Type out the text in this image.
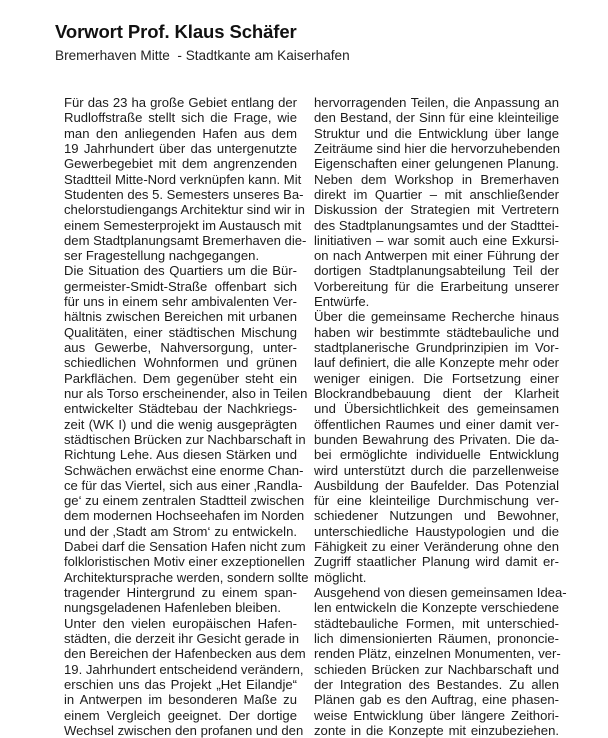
Vorwort Prof. Klaus Schäfer
Bremerhaven Mitte  - Stadtkante am Kaiserhafen
Für das 23 ha große Gebiet entlang der
Rudloffstraße stellt sich die Frage, wie
man den anliegenden Hafen aus dem
19 Jahrhundert über das untergenutzte
Gewerbegebiet mit dem angrenzenden
Stadtteil Mitte-Nord verknüpfen kann. Mit
Studenten des 5. Semesters unseres Ba-
chelorstudiengangs Architektur sind wir in
einem Semesterprojekt im Austausch mit
dem Stadtplanungsamt Bremerhaven die-
ser Fragestellung nachgegangen.
Die Situation des Quartiers um die Bür-
germeister-Smidt-Straße offenbart sich
für uns in einem sehr ambivalenten Ver-
hältnis zwischen Bereichen mit urbanen
Qualitäten, einer städtischen Mischung
aus Gewerbe, Nahversorgung, unter-
schiedlichen Wohnformen und grünen
Parkflächen. Dem gegenüber steht ein
nur als Torso erscheinender, also in Teilen
entwickelter Städtebau der Nachkriegs-
zeit (WK I) und die wenig ausgeprägten
städtischen Brücken zur Nachbarschaft in
Richtung Lehe. Aus diesen Stärken und
Schwächen erwächst eine enorme Chan-
ce für das Viertel, sich aus einer ‚Randla-
ge‘ zu einem zentralen Stadtteil zwischen
dem modernen Hochseehafen im Norden
und der ‚Stadt am Strom‘ zu entwickeln.
Dabei darf die Sensation Hafen nicht zum
folkloristischen Motiv einer exzeptionellen
Architektursprache werden, sondern sollte
tragender Hintergrund zu einem span-
nungsgeladenen Hafenleben bleiben.
Unter den vielen europäischen Hafen-
städten, die derzeit ihr Gesicht gerade in
den Bereichen der Hafenbecken aus dem
19. Jahrhundert entscheidend verändern,
erschien uns das Projekt „Het Eilandje“
in Antwerpen im besonderen Maße zu
einem Vergleich geeignet. Der dortige
Wechsel zwischen den profanen und den
hervorragenden Teilen, die Anpassung an
den Bestand, der Sinn für eine kleinteilige
Struktur und die Entwicklung über lange
Zeiträume sind hier die hervorzuhebenden
Eigenschaften einer gelungenen Planung.
Neben dem Workshop in Bremerhaven
direkt im Quartier – mit anschließender
Diskussion der Strategien mit Vertretern
des Stadtplanungsamtes und der Stadttei-
linitiativen – war somit auch eine Exkursi-
on nach Antwerpen mit einer Führung der
dortigen Stadtplanungsabteilung Teil der
Vorbereitung für die Erarbeitung unserer
Entwürfe.
Über die gemeinsame Recherche hinaus
haben wir bestimmte städtebauliche und
stadtplanerische Grundprinzipien im Vor-
lauf definiert, die alle Konzepte mehr oder
weniger einigen. Die Fortsetzung einer
Blockrandbebauung dient der Klarheit
und Übersichtlichkeit des gemeinsamen
öffentlichen Raumes und einer damit ver-
bunden Bewahrung des Privaten. Die da-
bei ermöglichte individuelle Entwicklung
wird unterstützt durch die parzellenweise
Ausbildung der Baufelder. Das Potenzial
für eine kleinteilige Durchmischung ver-
schiedener Nutzungen und Bewohner,
unterschiedliche Haustypologien und die
Fähigkeit zu einer Veränderung ohne den
Zugriff staatlicher Planung wird damit er-
möglicht.
Ausgehend von diesen gemeinsamen Idea-
len entwickeln die Konzepte verschiedene
städtebauliche Formen, mit unterschied-
lich dimensionierten Räumen, prononcie-
renden Plätz, einzelnen Monumenten, ver-
schieden Brücken zur Nachbarschaft und
der Integration des Bestandes. Zu allen
Plänen gab es den Auftrag, eine phasen-
weise Entwicklung über längere Zeithori-
zonte in die Konzepte mit einzubeziehen.
